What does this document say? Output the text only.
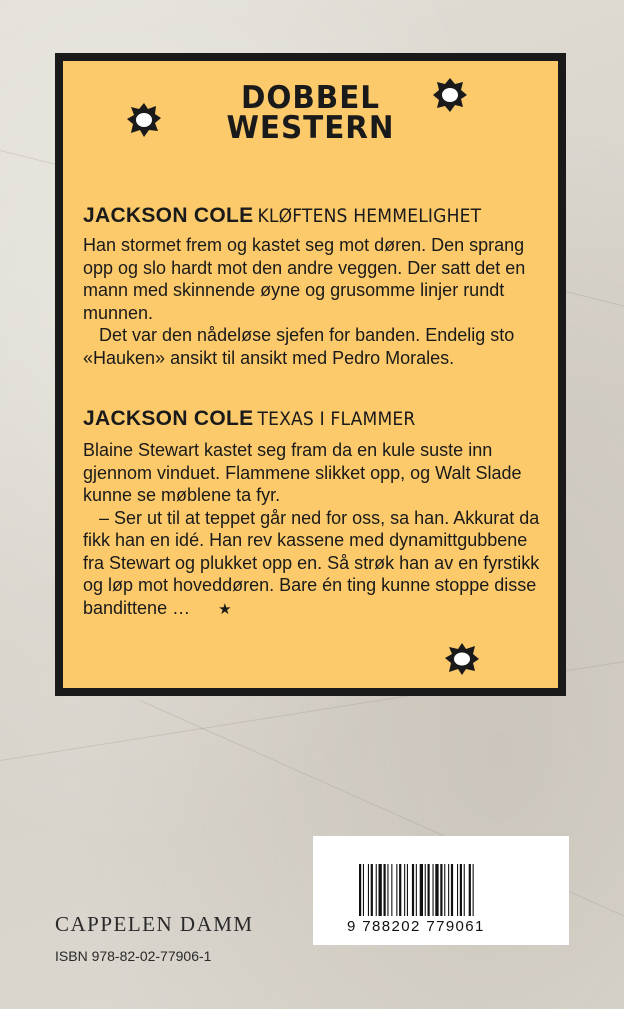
DOBBEL
WESTERN
JACKSON COLE KLØFTENS HEMMELIGHET

Han stormet frem og kastet seg mot døren. Den sprang opp og slo hardt mot den andre veggen. Der satt det en mann med skinnende øyne og grusomme linjer rundt munnen.

Det var den nådeløse sjefen for banden. Endelig sto «Hauken» ansikt til ansikt med Pedro Morales.

JACKSON COLE TEXAS I FLAMMER

Blaine Stewart kastet seg fram da en kule suste inn gjennom vinduet. Flammene slikket opp, og Walt Slade kunne se møblene ta fyr.

– Ser ut til at teppet går ned for oss, sa han. Akkurat da fikk han en idé. Han rev kassene med dynamittgubbene fra Stewart og plukket opp en. Så strøk han av en fyrstikk og løp mot hoveddøren. Bare én ting kunne stoppe disse bandittene … ★

9 788202 779061
CAPPELEN DAMM
ISBN 978-82-02-77906-1
